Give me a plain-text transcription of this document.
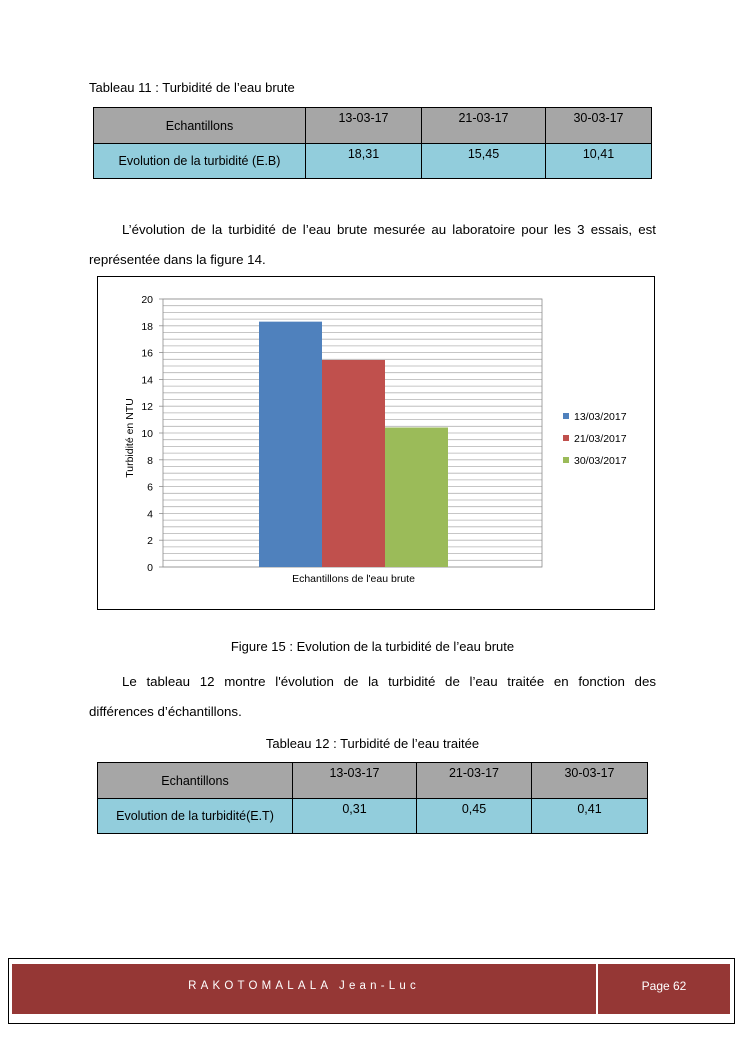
Tableau 11 : Turbidité de l’eau brute
Echantillons	13-03-17	21-03-17	30-03-17
Evolution de la turbidité (E.B)	18,31	15,45	10,41
L’évolution de la turbidité de l’eau brute mesurée au laboratoire pour les 3 essais, est
représentée dans la figure 14.
0
2
4
6
8
10
12
14
16
18
20
Echantillons de l'eau brute
Turbidité en NTU	13/03/2017
21/03/2017
30/03/2017
Figure 15 : Evolution de la turbidité de l’eau brute
Le tableau 12 montre l'évolution de la turbidité de l’eau traitée en fonction des
différences d’échantillons.
Tableau 12 : Turbidité de l’eau traitée
Echantillons	13-03-17	21-03-17	30-03-17
Evolution de la turbidité(E.T)	0,31	0,45	0,41
RAKOTOMALALA Jean-Luc	Page 62
